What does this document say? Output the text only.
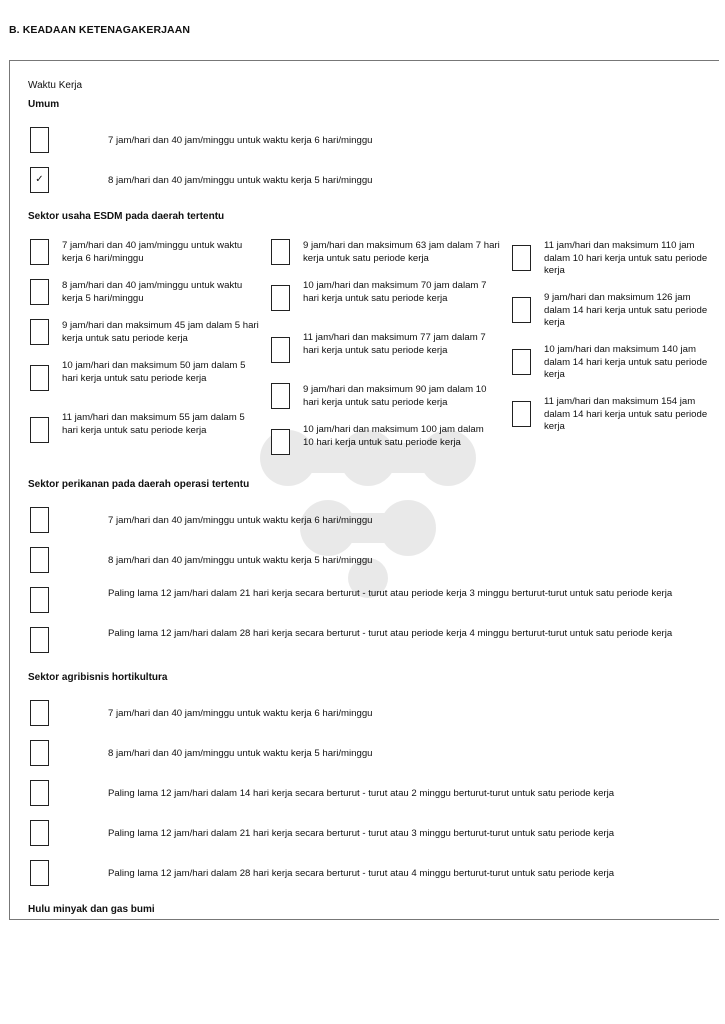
B. KEADAAN KETENAGAKERJAAN
Waktu Kerja
Umum
7 jam/hari dan 40 jam/minggu untuk waktu kerja 6 hari/minggu
✓	8 jam/hari dan 40 jam/minggu untuk waktu kerja 5 hari/minggu
Sektor usaha ESDM pada daerah tertentu
7 jam/hari dan 40 jam/minggu untuk waktu kerja 6 hari/minggu
8 jam/hari dan 40 jam/minggu untuk waktu kerja 5 hari/minggu
9 jam/hari dan maksimum 45 jam dalam 5 hari kerja untuk satu periode kerja
10 jam/hari dan maksimum 50 jam dalam 5 hari kerja untuk satu periode kerja
11 jam/hari dan maksimum 55 jam dalam 5 hari kerja untuk satu periode kerja
9 jam/hari dan maksimum 63 jam dalam 7 hari kerja untuk satu periode kerja
10 jam/hari dan maksimum 70 jam dalam 7 hari kerja untuk satu periode kerja
11 jam/hari dan maksimum 77 jam dalam 7 hari kerja untuk satu periode kerja
9 jam/hari dan maksimum 90 jam dalam 10 hari kerja untuk satu periode kerja
10 jam/hari dan maksimum 100 jam dalam 10 hari kerja untuk satu periode kerja
11 jam/hari dan maksimum 110 jam
dalam 10 hari kerja untuk satu periode
kerja
9 jam/hari dan maksimum 126 jam
dalam 14 hari kerja untuk satu periode
kerja
10 jam/hari dan maksimum 140 jam
dalam 14 hari kerja untuk satu periode
kerja
11 jam/hari dan maksimum 154 jam
dalam 14 hari kerja untuk satu periode
kerja
Sektor perikanan pada daerah operasi tertentu
7 jam/hari dan 40 jam/minggu untuk waktu kerja 6 hari/minggu
8 jam/hari dan 40 jam/minggu untuk waktu kerja 5 hari/minggu
Paling lama 12 jam/hari dalam 21 hari kerja secara berturut - turut atau periode kerja 3 minggu berturut-turut untuk satu periode kerja
Paling lama 12 jam/hari dalam 28 hari kerja secara berturut - turut atau periode kerja 4 minggu berturut-turut untuk satu periode kerja
Sektor agribisnis hortikultura
7 jam/hari dan 40 jam/minggu untuk waktu kerja 6 hari/minggu
8 jam/hari dan 40 jam/minggu untuk waktu kerja 5 hari/minggu
Paling lama 12 jam/hari dalam 14 hari kerja secara berturut - turut atau 2 minggu berturut-turut untuk satu periode kerja
Paling lama 12 jam/hari dalam 21 hari kerja secara berturut - turut atau 3 minggu berturut-turut untuk satu periode kerja
Paling lama 12 jam/hari dalam 28 hari kerja secara berturut - turut atau 4 minggu berturut-turut untuk satu periode kerja
Hulu minyak dan gas bumi
